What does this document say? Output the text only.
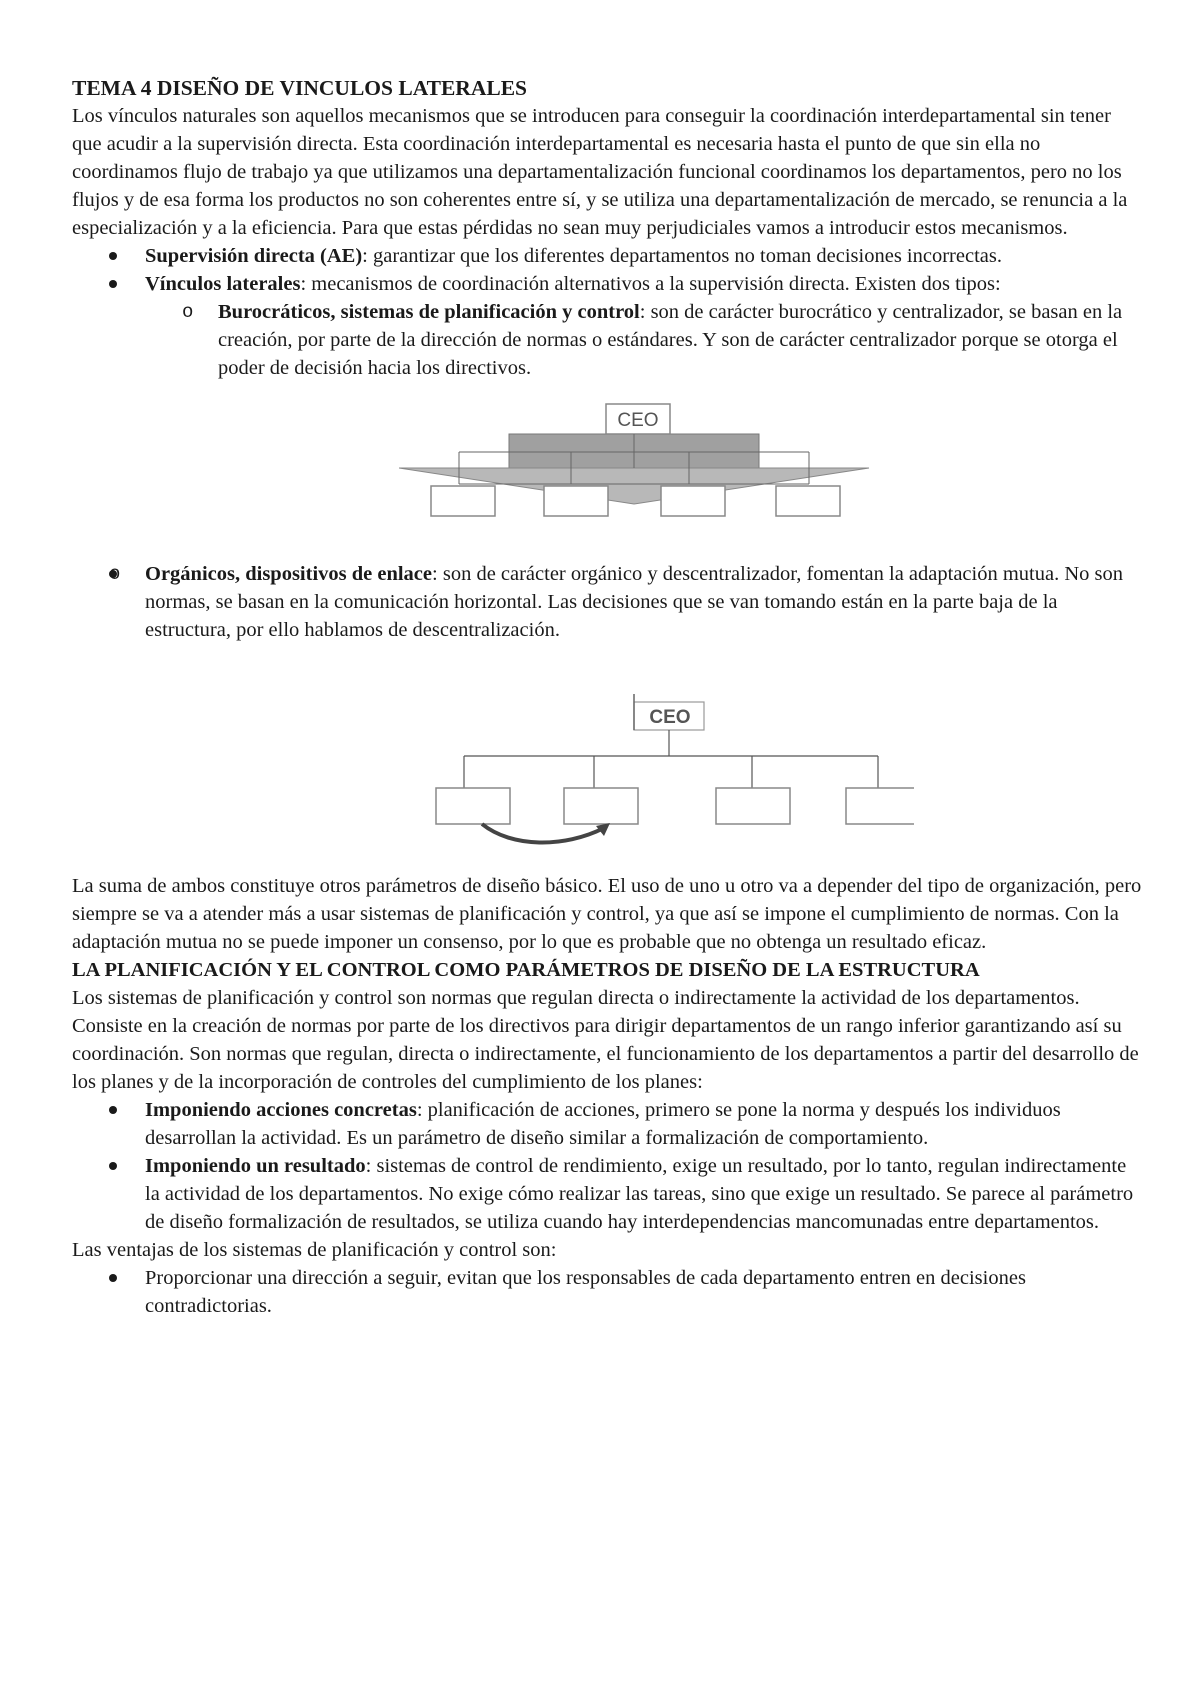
TEMA 4 DISEÑO DE VINCULOS LATERALES

Los vínculos naturales son aquellos mecanismos que se introducen para conseguir la coordinación interdepartamental sin tener que acudir a la supervisión directa. Esta coordinación interdepartamental es necesaria hasta el punto de que sin ella no coordinamos flujo de trabajo ya que utilizamos una departamentalización funcional coordinamos los departamentos, pero no los flujos y de esa forma los productos no son coherentes entre sí, y se utiliza una departamentalización de mercado, se renuncia a la especialización y a la eficiencia. Para que estas pérdidas no sean muy perjudiciales vamos a introducir estos mecanismos.

Supervisión directa (AE): garantizar que los diferentes departamentos no toman decisiones incorrectas.
Vínculos laterales: mecanismos de coordinación alternativos a la supervisión directa. Existen dos tipos:
o Burocráticos, sistemas de planificación y control: son de carácter burocrático y centralizador, se basan en la creación, por parte de la dirección de normas o estándares. Y son de carácter centralizador porque se otorga el poder de decisión hacia los directivos.
CEO
o Orgánicos, dispositivos de enlace: son de carácter orgánico y descentralizador, fomentan la adaptación mutua. No son normas, se basan en la comunicación horizontal. Las decisiones que se van tomando están en la parte baja de la estructura, por ello hablamos de descentralización.
CEO

La suma de ambos constituye otros parámetros de diseño básico. El uso de uno u otro va a depender del tipo de organización, pero siempre se va a atender más a usar sistemas de planificación y control, ya que así se impone el cumplimiento de normas. Con la adaptación mutua no se puede imponer un consenso, por lo que es probable que no obtenga un resultado eficaz.

LA PLANIFICACIÓN Y EL CONTROL COMO PARÁMETROS DE DISEÑO DE LA ESTRUCTURA

Los sistemas de planificación y control son normas que regulan directa o indirectamente la actividad de los departamentos. Consiste en la creación de normas por parte de los directivos para dirigir departamentos de un rango inferior garantizando así su coordinación. Son normas que regulan, directa o indirectamente, el funcionamiento de los departamentos a partir del desarrollo de los planes y de la incorporación de controles del cumplimiento de los planes:

Imponiendo acciones concretas: planificación de acciones, primero se pone la norma y después los individuos desarrollan la actividad. Es un parámetro de diseño similar a formalización de comportamiento.
Imponiendo un resultado: sistemas de control de rendimiento, exige un resultado, por lo tanto, regulan indirectamente la actividad de los departamentos. No exige cómo realizar las tareas, sino que exige un resultado. Se parece al parámetro de diseño formalización de resultados, se utiliza cuando hay interdependencias mancomunadas entre departamentos.

Las ventajas de los sistemas de planificación y control son:

Proporcionar una dirección a seguir, evitan que los responsables de cada departamento entren en decisiones contradictorias.
